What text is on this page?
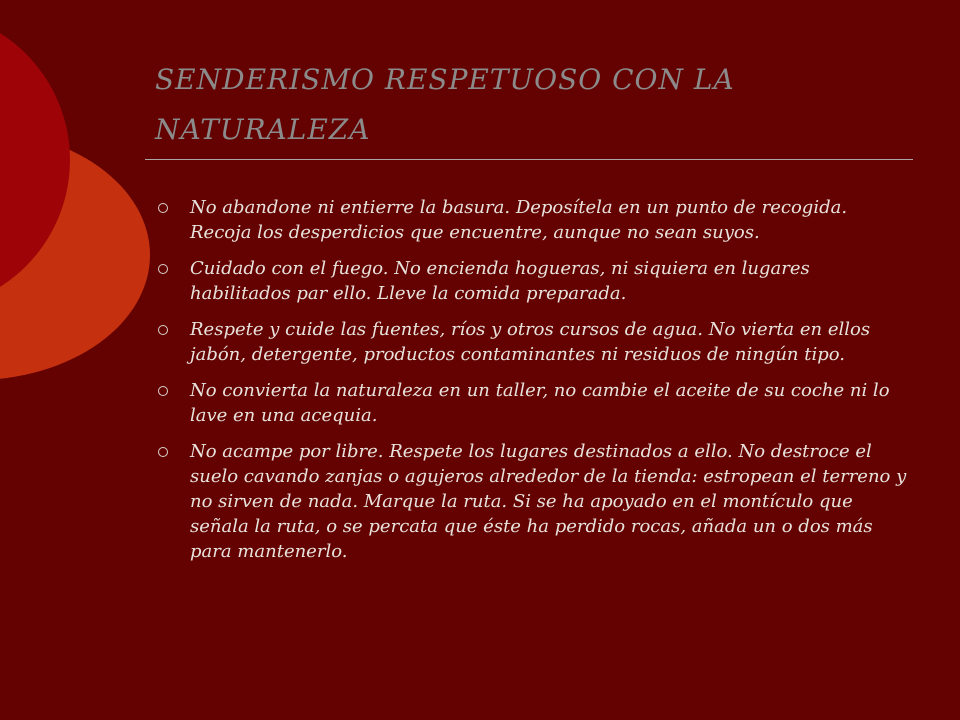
SENDERISMO RESPETUOSO CON LA NATURALEZA
No abandone ni entierre la basura. Deposítela en un punto de recogida. Recoja los desperdicios que encuentre, aunque no sean suyos.
Cuidado con el fuego. No encienda hogueras, ni siquiera en lugares habilitados par ello. Lleve la comida preparada.
Respete y cuide las fuentes, ríos y otros cursos de agua. No vierta en ellos jabón, detergente, productos contaminantes ni residuos de ningún tipo.
No convierta la naturaleza en un taller, no cambie el aceite de su coche ni lo lave en una acequia.
No acampe por libre. Respete los lugares destinados a ello. No destroce el suelo cavando zanjas o agujeros alrededor de la tienda: estropean el terreno y no sirven de nada. Marque la ruta. Si se ha apoyado en el montículo que señala la ruta, o se percata que éste ha perdido rocas, añada un o dos más para mantenerlo.
